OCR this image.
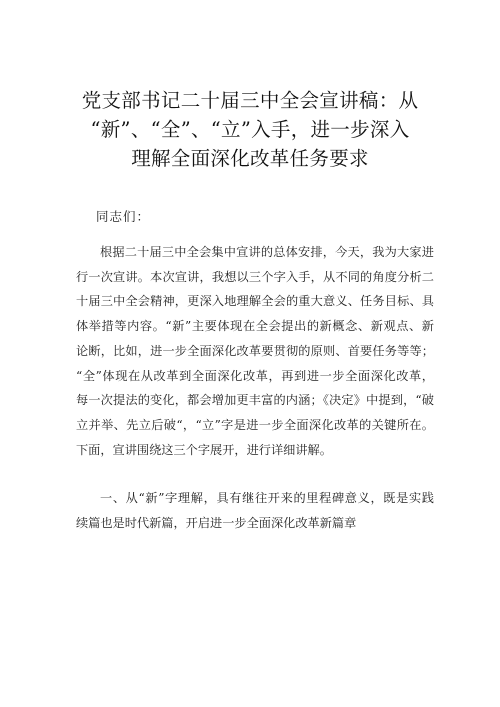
党支部书记二十届三中全会宣讲稿：从
“新”、“全”、“立”入手，进一步深入
理解全面深化改革任务要求
同志们：
根据二十届三中全会集中宣讲的总体安排，今天，我为大家进
行一次宣讲。本次宣讲，我想以三个字入手，从不同的角度分析二
十届三中全会精神，更深入地理解全会的重大意义、任务目标、具
体举措等内容。“新”主要体现在全会提出的新概念、新观点、新
论断，比如，进一步全面深化改革要贯彻的原则、首要任务等等；
“全”体现在从改革到全面深化改革，再到进一步全面深化改革，
每一次提法的变化，都会增加更丰富的内涵；《决定》中提到，“破
立并举、先立后破“，“立”字是进一步全面深化改革的关键所在。
下面，宣讲围绕这三个字展开，进行详细讲解。
一、从“新”字理解，具有继往开来的里程碑意义，既是实践
续篇也是时代新篇，开启进一步全面深化改革新篇章
